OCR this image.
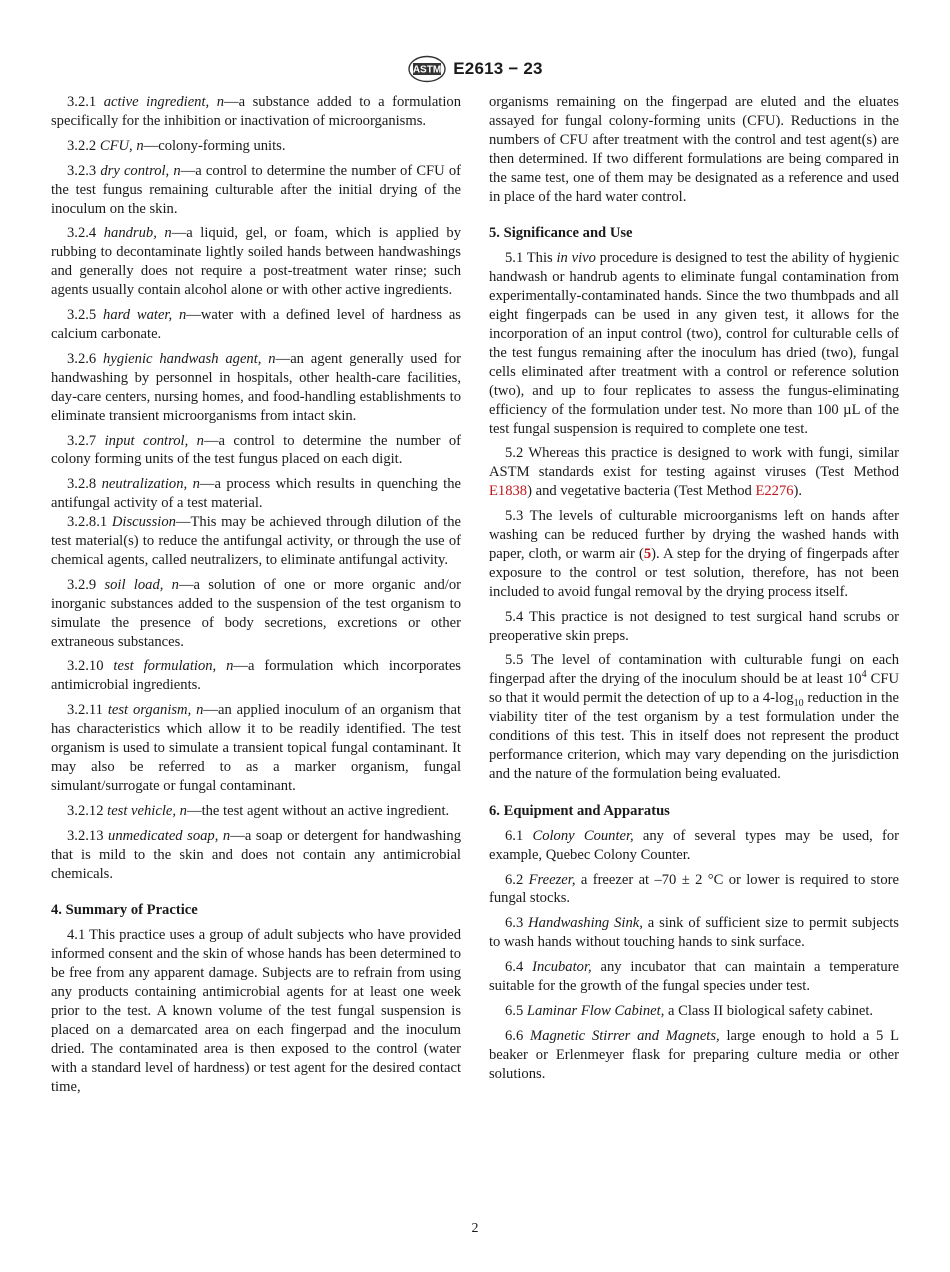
ASTM E2613 − 23

3.2.1 active ingredient, n—a substance added to a formulation specifically for the inhibition or inactivation of microorganisms.

3.2.2 CFU, n—colony-forming units.

3.2.3 dry control, n—a control to determine the number of CFU of the test fungus remaining culturable after the initial drying of the inoculum on the skin.

3.2.4 handrub, n—a liquid, gel, or foam, which is applied by rubbing to decontaminate lightly soiled hands between handwashings and generally does not require a post-treatment water rinse; such agents usually contain alcohol alone or with other active ingredients.

3.2.5 hard water, n—water with a defined level of hardness as calcium carbonate.

3.2.6 hygienic handwash agent, n—an agent generally used for handwashing by personnel in hospitals, other health-care facilities, day-care centers, nursing homes, and food-handling establishments to eliminate transient microorganisms from intact skin.

3.2.7 input control, n—a control to determine the number of colony forming units of the test fungus placed on each digit.

3.2.8 neutralization, n—a process which results in quenching the antifungal activity of a test material.

3.2.8.1 Discussion—This may be achieved through dilution of the test material(s) to reduce the antifungal activity, or through the use of chemical agents, called neutralizers, to eliminate antifungal activity.

3.2.9 soil load, n—a solution of one or more organic and/or inorganic substances added to the suspension of the test organism to simulate the presence of body secretions, excretions or other extraneous substances.

3.2.10 test formulation, n—a formulation which incorporates antimicrobial ingredients.

3.2.11 test organism, n—an applied inoculum of an organism that has characteristics which allow it to be readily identified. The test organism is used to simulate a transient topical fungal contaminant. It may also be referred to as a marker organism, fungal simulant/surrogate or fungal contaminant.

3.2.12 test vehicle, n—the test agent without an active ingredient.

3.2.13 unmedicated soap, n—a soap or detergent for handwashing that is mild to the skin and does not contain any antimicrobial chemicals.

4. Summary of Practice

4.1 This practice uses a group of adult subjects who have provided informed consent and the skin of whose hands has been determined to be free from any apparent damage. Subjects are to refrain from using any products containing antimicrobial agents for at least one week prior to the test. A known volume of the test fungal suspension is placed on a demarcated area on each fingerpad and the inoculum dried. The contaminated area is then exposed to the control (water with a standard level of hardness) or test agent for the desired contact time,

organisms remaining on the fingerpad are eluted and the eluates assayed for fungal colony-forming units (CFU). Reductions in the numbers of CFU after treatment with the control and test agent(s) are then determined. If two different formulations are being compared in the same test, one of them may be designated as a reference and used in place of the hard water control.

5. Significance and Use

5.1 This in vivo procedure is designed to test the ability of hygienic handwash or handrub agents to eliminate fungal contamination from experimentally-contaminated hands. Since the two thumbpads and all eight fingerpads can be used in any given test, it allows for the incorporation of an input control (two), control for culturable cells of the test fungus remaining after the inoculum has dried (two), fungal cells eliminated after treatment with a control or reference solution (two), and up to four replicates to assess the fungus-eliminating efficiency of the formulation under test. No more than 100 µL of the test fungal suspension is required to complete one test.

5.2 Whereas this practice is designed to work with fungi, similar ASTM standards exist for testing against viruses (Test Method E1838) and vegetative bacteria (Test Method E2276).

5.3 The levels of culturable microorganisms left on hands after washing can be reduced further by drying the washed hands with paper, cloth, or warm air (5). A step for the drying of fingerpads after exposure to the control or test solution, therefore, has not been included to avoid fungal removal by the drying process itself.

5.4 This practice is not designed to test surgical hand scrubs or preoperative skin preps.

5.5 The level of contamination with culturable fungi on each fingerpad after the drying of the inoculum should be at least $10^4$ CFU so that it would permit the detection of up to a $4-\log_{10}$ reduction in the viability titer of the test organism by a test formulation under the conditions of this test. This in itself does not represent the product performance criterion, which may vary depending on the jurisdiction and the nature of the formulation being evaluated.

6. Equipment and Apparatus

6.1 Colony Counter, any of several types may be used, for example, Quebec Colony Counter.

6.2 Freezer, a freezer at –70 ± 2 °C or lower is required to store fungal stocks.

6.3 Handwashing Sink, a sink of sufficient size to permit subjects to wash hands without touching hands to sink surface.

6.4 Incubator, any incubator that can maintain a temperature suitable for the growth of the fungal species under test.

6.5 Laminar Flow Cabinet, a Class II biological safety cabinet.

6.6 Magnetic Stirrer and Magnets, large enough to hold a 5 L beaker or Erlenmeyer flask for preparing culture media or other solutions.

2
